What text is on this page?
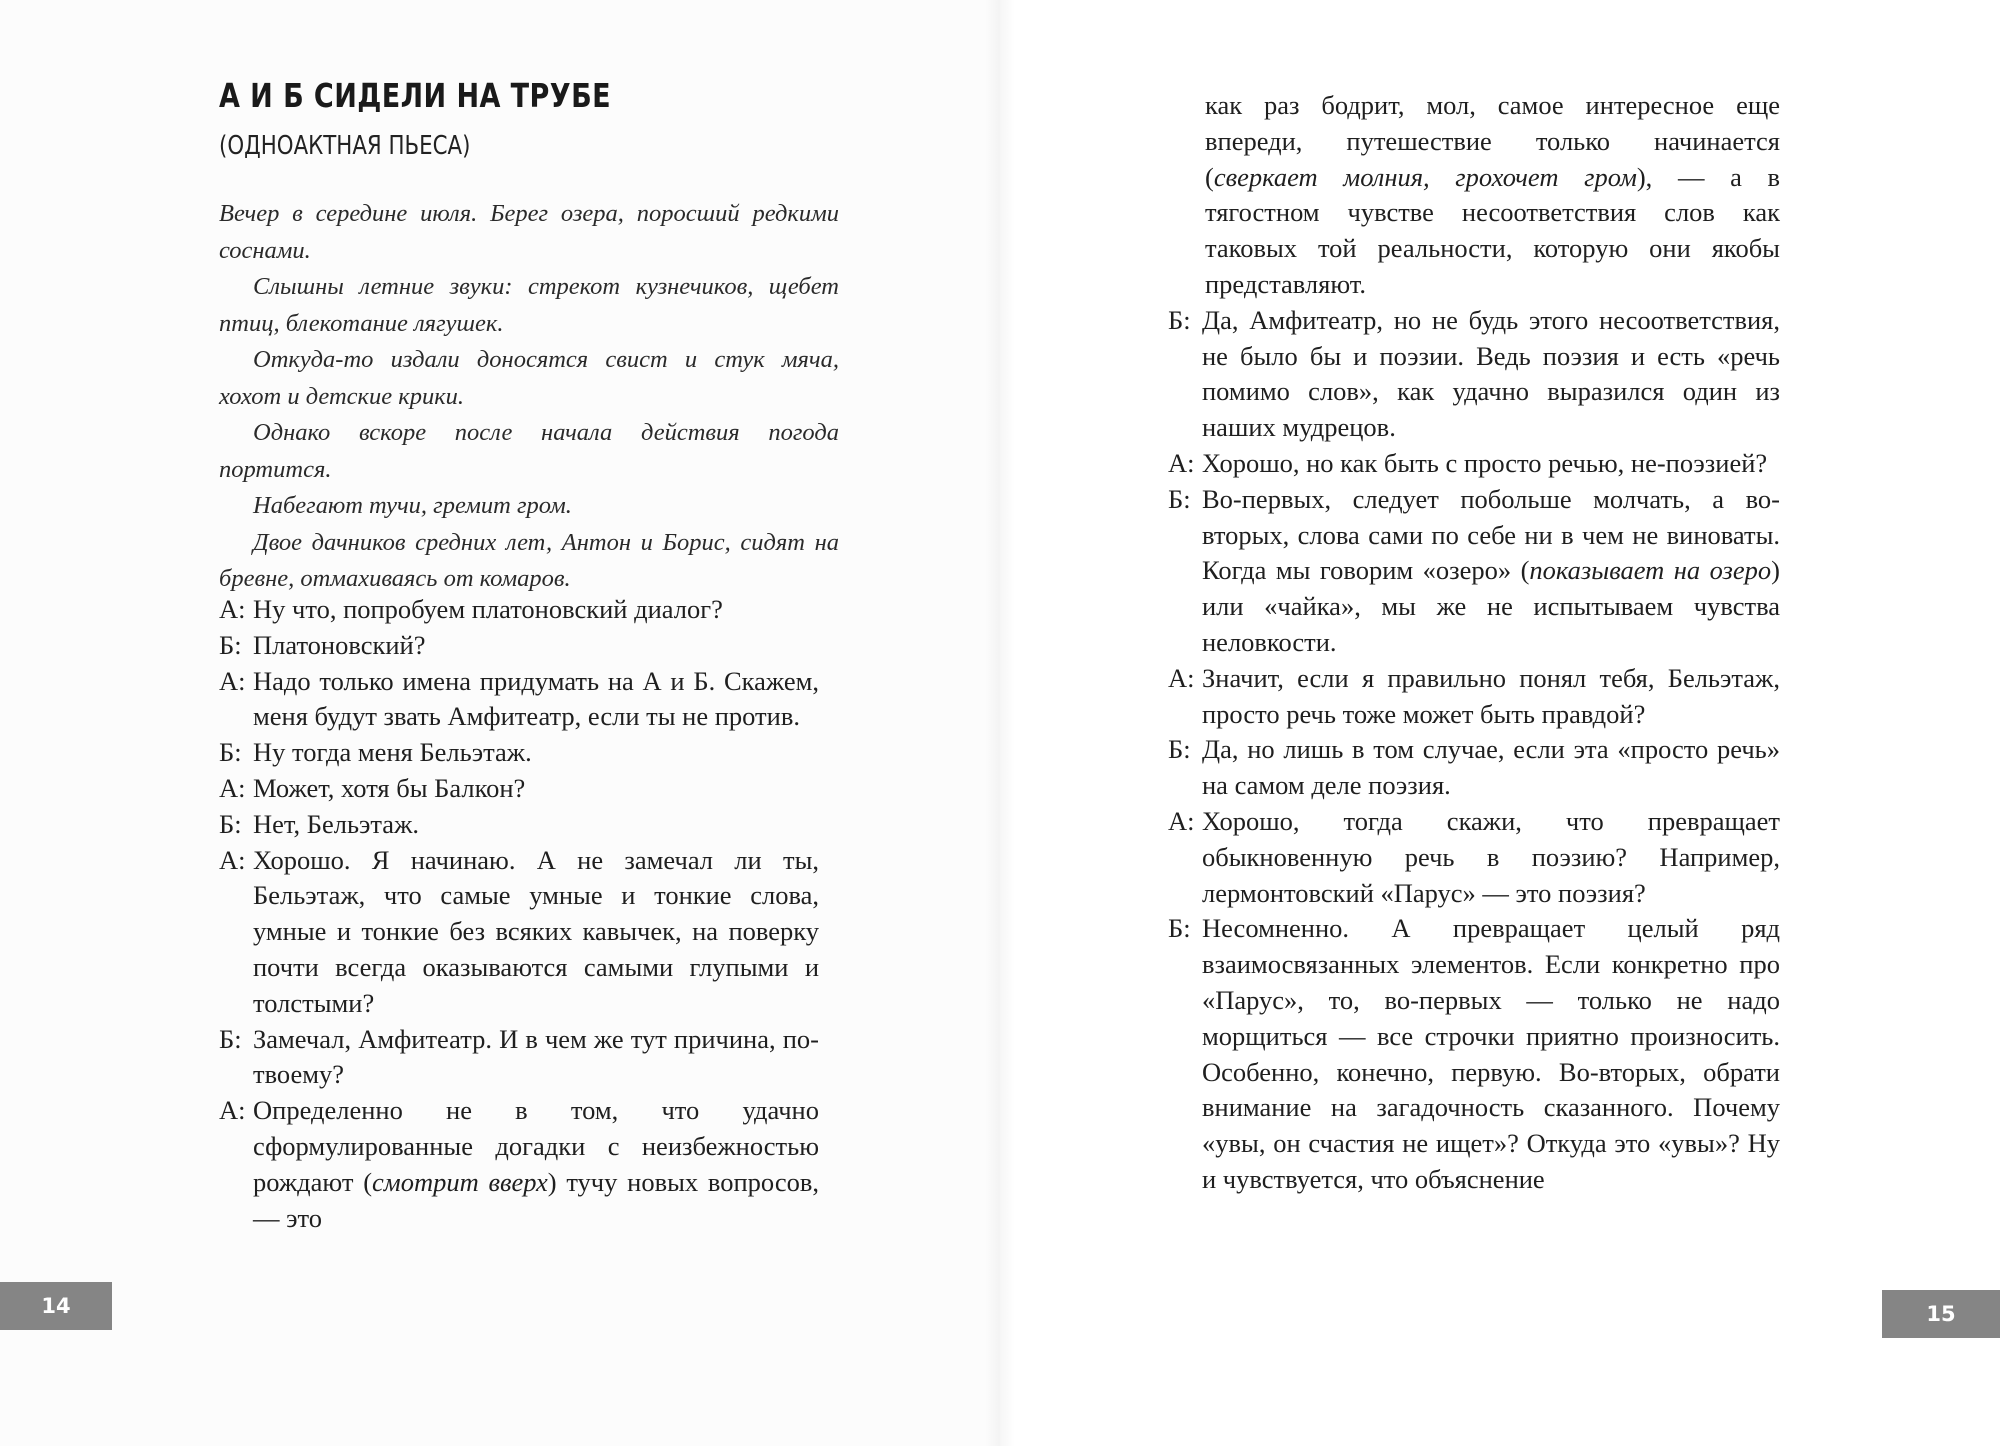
А И Б СИДЕЛИ НА ТРУБЕ
(ОДНОАКТНАЯ ПЬЕСА)

Вечер в середине июля. Берег озера, поросший редкими соснами.

Слышны летние звуки: стрекот кузнечиков, щебет птиц, блекотание лягушек.

Откуда-то издали доносятся свист и стук мяча, хохот и детские крики.

Однако вскоре после начала действия погода портится.

Набегают тучи, гремит гром.

Двое дачников средних лет, Антон и Борис, сидят на бревне, отмахиваясь от комаров.

А: Ну что, попробуем платоновский диалог?
Б: Платоновский?
А: Надо только имена придумать на А и Б. Скажем, меня будут звать Амфитеатр, если ты не против.
Б: Ну тогда меня Бельэтаж.
А: Может, хотя бы Балкон?
Б: Нет, Бельэтаж.
А: Хорошо. Я начинаю. А не замечал ли ты, Бельэтаж, что самые умные и тонкие слова, умные и тонкие без всяких кавычек, на поверку почти всегда оказываются самыми глупыми и толстыми?
Б: Замечал, Амфитеатр. И в чем же тут причина, по-твоему?
А: Определенно не в том, что удачно сформулированные догадки с неизбежностью рождают (смотрит вверх) тучу новых вопросов, — это
14
как раз бодрит, мол, самое интересное еще впереди, путешествие только начинается (сверкает молния, грохочет гром), — а в тягостном чувстве несоответствия слов как таковых той реальности, которую они якобы представляют.
Б: Да, Амфитеатр, но не будь этого несоответствия, не было бы и поэзии. Ведь поэзия и есть «речь помимо слов», как удачно выразился один из наших мудрецов.
А: Хорошо, но как быть с просто речью, не-поэзией?
Б: Во-первых, следует побольше молчать, а во-вторых, слова сами по себе ни в чем не виноваты. Когда мы говорим «озеро» (показывает на озеро) или «чайка», мы же не испытываем чувства неловкости.
А: Значит, если я правильно понял тебя, Бельэтаж, просто речь тоже может быть правдой?
Б: Да, но лишь в том случае, если эта «просто речь» на самом деле поэзия.
А: Хорошо, тогда скажи, что превращает обыкновенную речь в поэзию? Например, лермонтовский «Парус» — это поэзия?
Б: Несомненно. А превращает целый ряд взаимосвязанных элементов. Если конкретно про «Парус», то, во-первых — только не надо морщиться — все строчки приятно произносить. Особенно, конечно, первую. Во-вторых, обрати внимание на загадочность сказанного. Почему «увы, он счастия не ищет»? Откуда это «увы»? Ну и чувствуется, что объяснение
15
